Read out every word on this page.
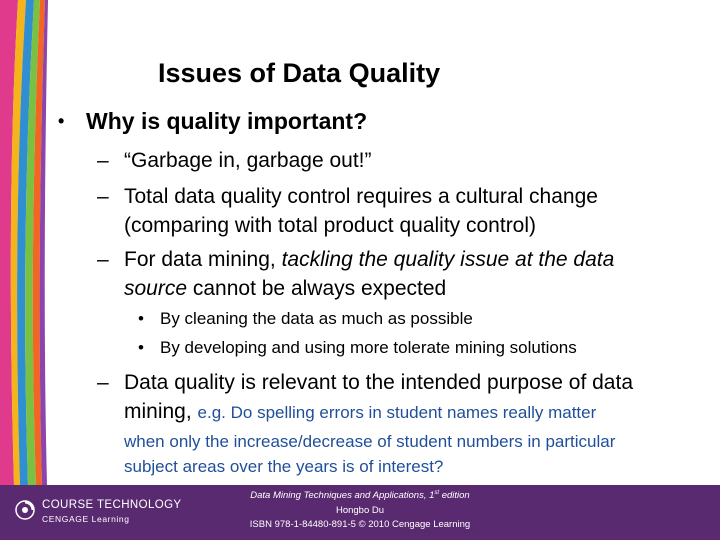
Issues of Data Quality
• Why is quality important?
– “Garbage in, garbage out!”
– Total data quality control requires a cultural change
(comparing with total product quality control)
– For data mining, tackling the quality issue at the data
source cannot be always expected
• By cleaning the data as much as possible
• By developing and using more tolerate mining solutions
– Data quality is relevant to the intended purpose of data
mining, e.g. Do spelling errors in student names really matter
when only the increase/decrease of student numbers in particular
subject areas over the years is of interest?
COURSE TECHNOLOGY
CENGAGE Learning
Data Mining Techniques and Applications, 1st edition
Hongbo Du
ISBN 978-1-84480-891-5 © 2010 Cengage Learning
